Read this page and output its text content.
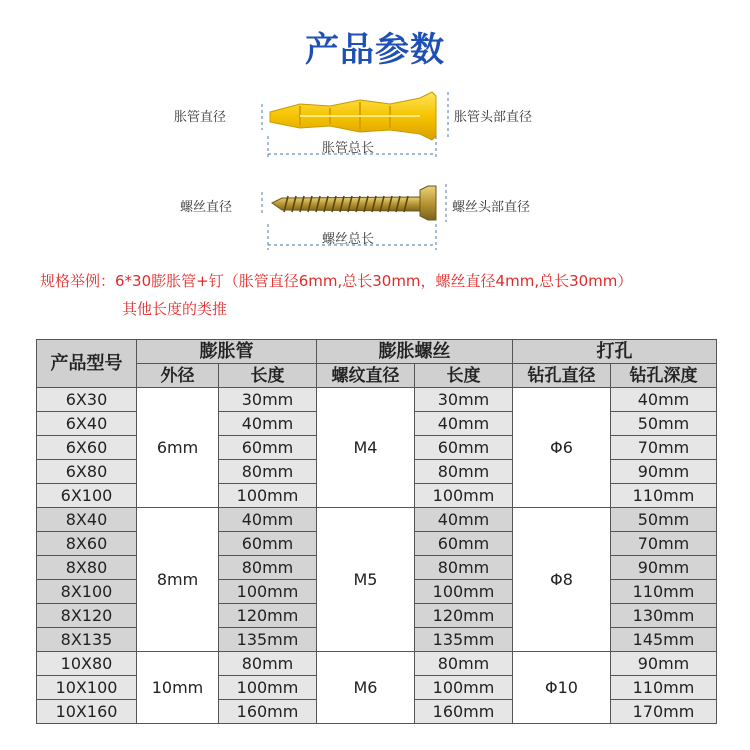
产品参数
胀管直径	胀管头部直径
胀管总长
螺丝直径	螺丝头部直径
螺丝总长
规格举例：6*30膨胀管+钉（胀管直径6mm,总长30mm，螺丝直径4mm,总长30mm）
其他长度的类推
产品型号	膨胀管		膨胀螺丝		打孔	
	外径	长度	螺纹直径	长度	钻孔直径	钻孔深度
6X30	6mm	30mm	M4	30mm	Φ6	40mm
6X40		40mm		40mm		50mm
6X60		60mm		60mm		70mm
6X80		80mm		80mm		90mm
6X100		100mm		100mm		110mm
8X40	8mm	40mm	M5	40mm	Φ8	50mm
8X60		60mm		60mm		70mm
8X80		80mm		80mm		90mm
8X100		100mm		100mm		110mm
8X120		120mm		120mm		130mm
8X135		135mm		135mm		145mm
10X80	10mm	80mm	M6	80mm	Φ10	90mm
10X100		100mm		100mm		110mm
10X160		160mm		160mm		170mm
